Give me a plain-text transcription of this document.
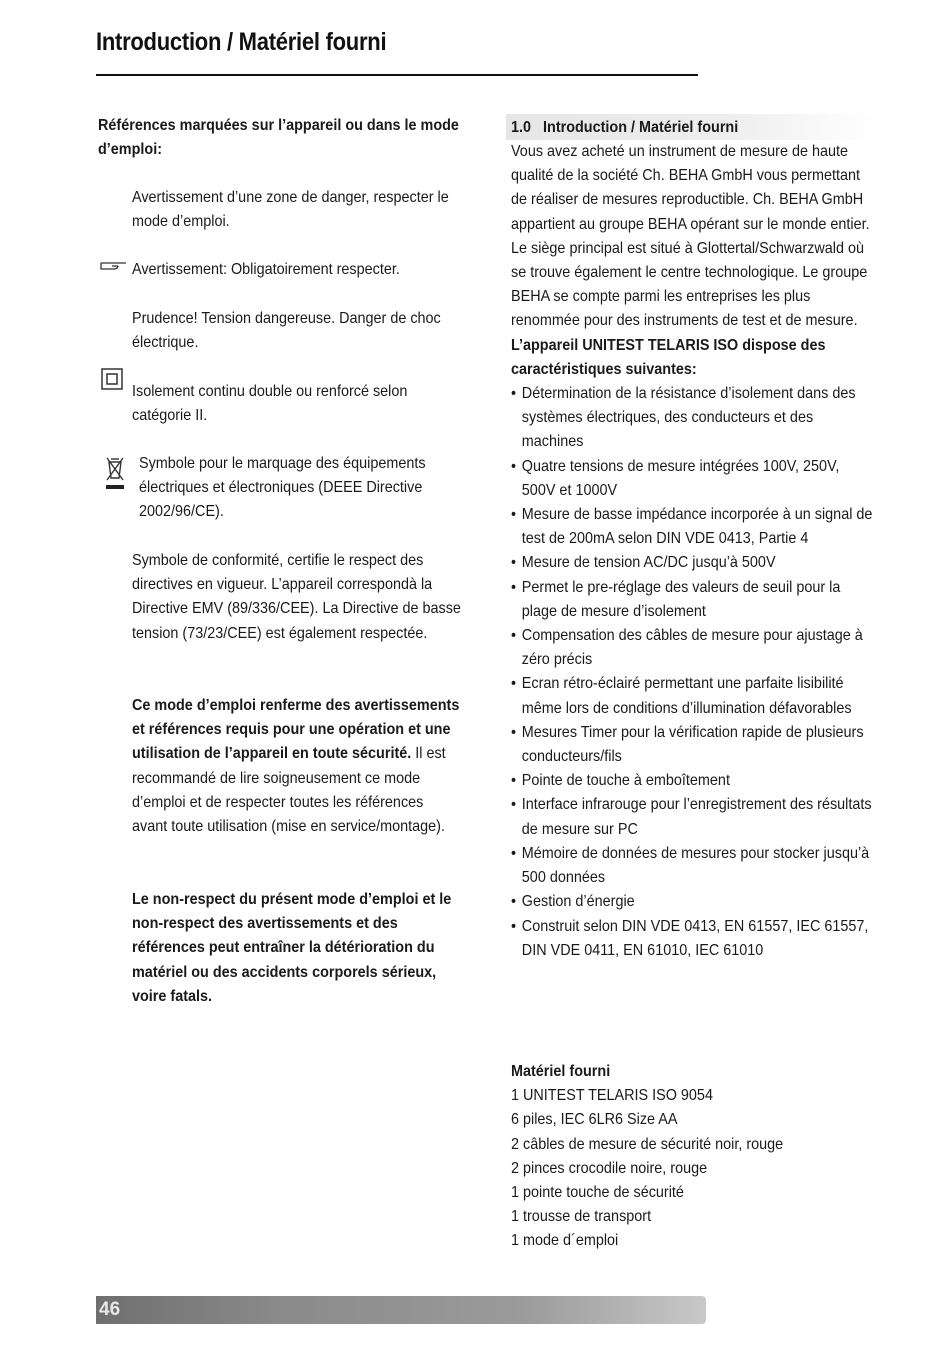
Introduction / Matériel fourni
Références marquées sur l’appareil ou dans le mode d’emploi:
Avertissement d’une zone de danger, respecter le mode d’emploi.
Avertissement: Obligatoirement respecter.
Prudence! Tension dangereuse. Danger de choc électrique.
Isolement continu double ou renforcé selon catégorie II.
Symbole pour le marquage des équipements électriques et électroniques (DEEE Directive 2002/96/CE).
Symbole de conformité, certifie le respect des directives en vigueur. L’appareil correspondà la Directive EMV (89/336/CEE). La Directive de basse tension (73/23/CEE) est également respectée.
Ce mode d’emploi renferme des avertissements et références requis pour une opération et une utilisation de l’appareil en toute sécurité. Il est recommandé de lire soigneusement ce mode d’emploi et de respecter toutes les références avant toute utilisation (mise en service/montage).
Le non-respect du présent mode d’emploi et le non-respect des avertissements et des références peut entraîner la détérioration du matériel ou des accidents corporels sérieux, voire fatals.
1.0   Introduction / Matériel fourni

Vous avez acheté un instrument de mesure de haute qualité de la société Ch. BEHA GmbH vous permettant de réaliser de mesures reproductible. Ch. BEHA GmbH appartient au groupe BEHA opérant sur le monde entier. Le siège principal est situé à Glottertal/Schwarzwald où se trouve également le centre technologique. Le groupe BEHA se compte parmi les entreprises les plus renommée pour des instruments de test et de mesure.

L’appareil UNITEST TELARIS ISO dispose des caractéristiques suivantes:

• Détermination de la résistance d’isolement dans des systèmes électriques, des conducteurs et des machines
• Quatre tensions de mesure intégrées 100V, 250V, 500V et 1000V
• Mesure de basse impédance incorporée à un signal de test de 200mA selon DIN VDE 0413, Partie 4
• Mesure de tension AC/DC jusqu’à 500V
• Permet le pre-réglage des valeurs de seuil pour la plage de mesure d’isolement
• Compensation des câbles de mesure pour ajustage à zéro précis
• Ecran rétro-éclairé permettant une parfaite lisibilité même lors de conditions d’illumination défavorables
• Mesures Timer pour la vérification rapide de plusieurs conducteurs/fils
• Pointe de touche à emboîtement
• Interface infrarouge pour l’enregistrement des résultats de mesure sur PC
• Mémoire de données de mesures pour stocker jusqu’à 500 données
• Gestion d’énergie
• Construit selon DIN VDE 0413, EN 61557, IEC 61557, DIN VDE 0411, EN 61010, IEC 61010

Matériel fourni

1 UNITEST TELARIS ISO 9054

6 piles, IEC 6LR6 Size AA

2 câbles de mesure de sécurité noir, rouge

2 pinces crocodile noire, rouge

1 pointe touche de sécurité

1 trousse de transport

1 mode d´emploi

46
